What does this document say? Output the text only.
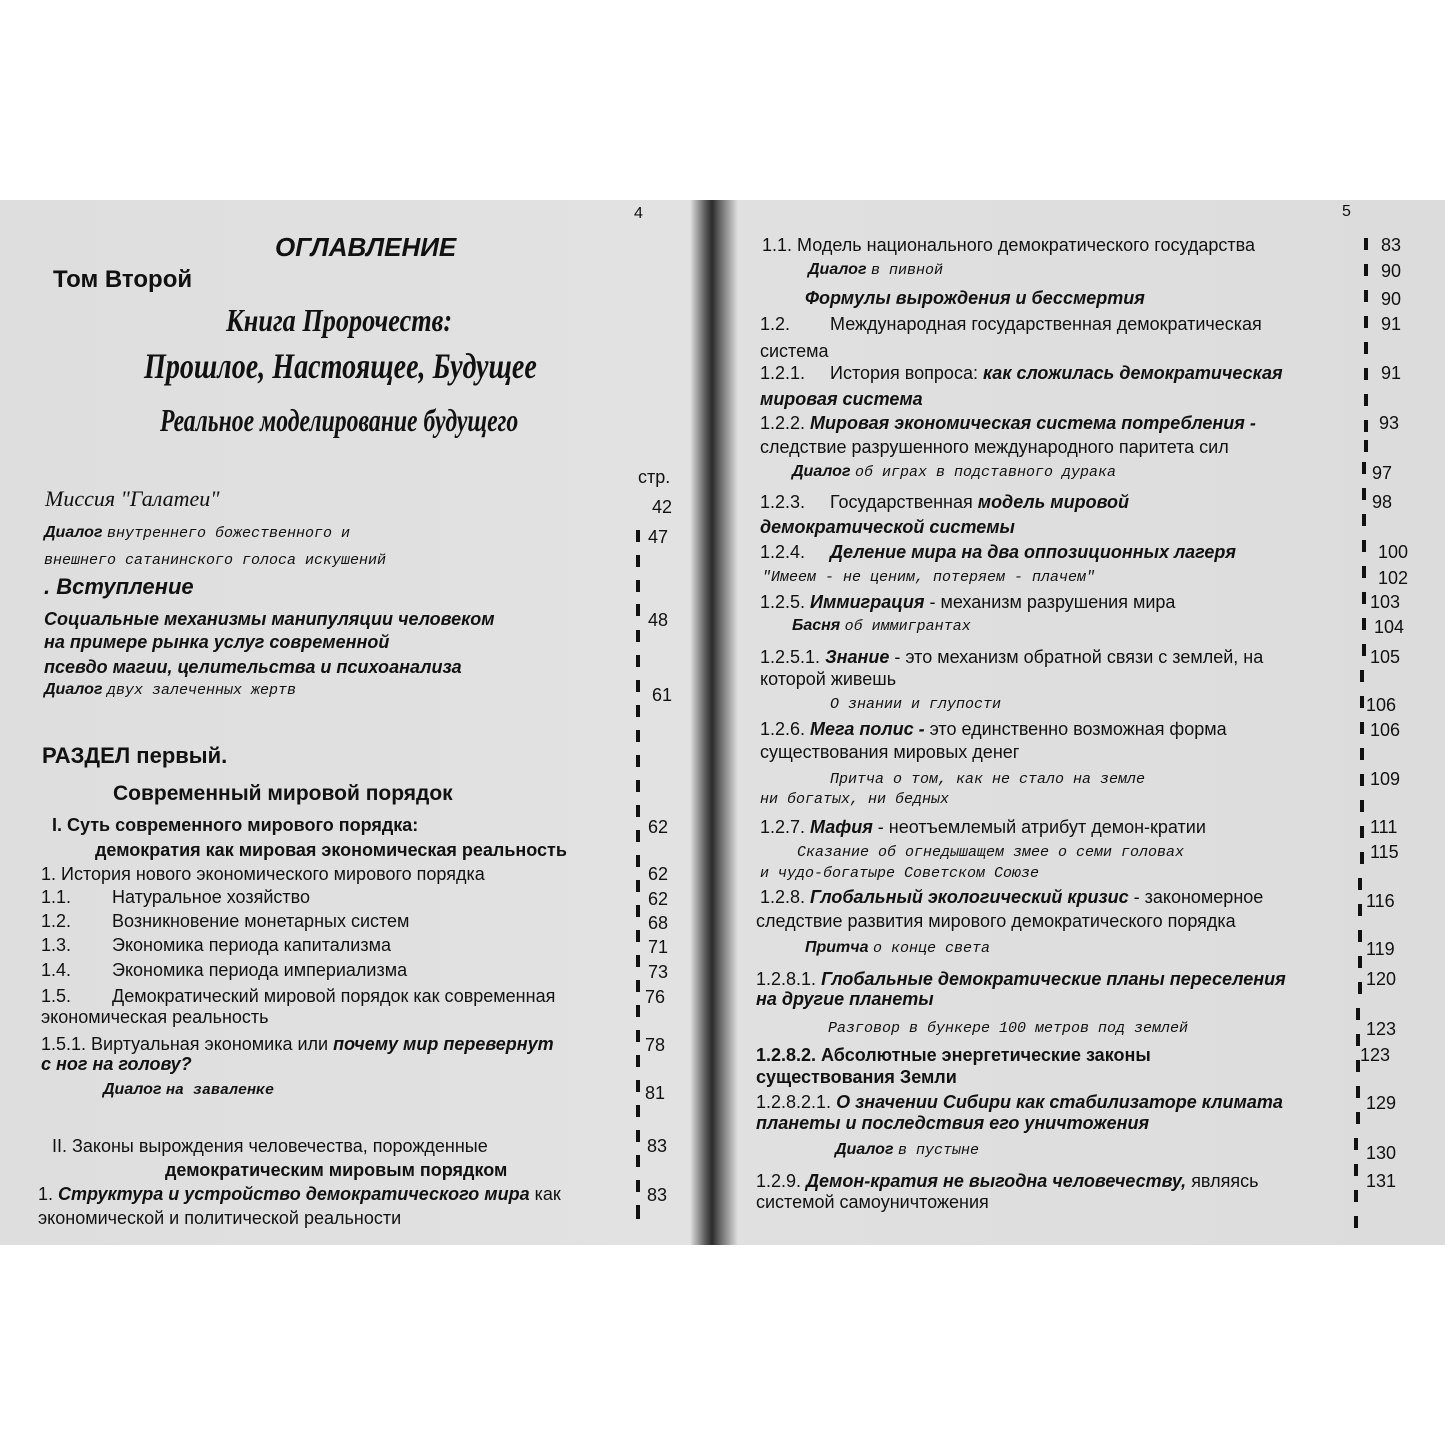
4
ОГЛАВЛЕНИЕ
Том Второй
Книга Пророчеств:
Прошлое, Настоящее, Будущее
Реальное моделирование будущего
стр.
Миссия "Галатеи"
Диалог внутреннего божественного и
внешнего сатанинского голоса искушений
. Вступление
Социальные механизмы манипуляции человеком
на примере рынка услуг современной
псевдо магии, целительства и психоанализа
Диалог двух залеченных жертв
РАЗДЕЛ первый.
Современный мировой порядок
I. Суть современного мирового порядка:
демократия как мировая экономическая реальность
1. История нового экономического мирового порядка
1.1. Натуральное хозяйство
1.2. Возникновение монетарных систем
1.3. Экономика периода капитализма
1.4. Экономика периода империализма
1.5. Демократический мировой порядок как современная
экономическая реальность
1.5.1. Виртуальная экономика или почему мир перевернут
с ног на голову?
Диалог на заваленке
II. Законы вырождения человечества, порожденные
демократическим мировым порядком
1. Структура и устройство демократического мира как
экономической и политической реальности
42
47
48
61
62
62
62
68
71
73
76
78
81
83
83
5
1.1. Модель национального демократического государства
Диалог в пивной
Формулы вырождения и бессмертия
1.2. Международная государственная демократическая
система
1.2.1. История вопроса: как сложилась демократическая
мировая система
1.2.2. Мировая экономическая система потребления -
следствие разрушенного международного паритета сил
Диалог об играх в подставного дурака
1.2.3. Государственная модель мировой
демократической системы
1.2.4. Деление мира на два оппозиционных лагеря
"Имеем - не ценим, потеряем - плачем"
1.2.5. Иммиграция - механизм разрушения мира
Басня об иммигрантах
1.2.5.1. Знание - это механизм обратной связи с землей, на
которой живешь
О знании и глупости
1.2.6. Мега полис - это единственно возможная форма
существования мировых денег
Притча о том, как не стало на земле
ни богатых, ни бедных
1.2.7. Мафия - неотъемлемый атрибут демон-кратии
Сказание об огнедышащем змее о семи головах
и чудо-богатыре Советском Союзе
1.2.8. Глобальный экологический кризис - закономерное
следствие развития мирового демократического порядка
Притча о конце света
1.2.8.1. Глобальные демократические планы переселения
на другие планеты
Разговор в бункере 100 метров под землей
1.2.8.2. Абсолютные энергетические законы
существования Земли
1.2.8.2.1. О значении Сибири как стабилизаторе климата
планеты и последствия его уничтожения
Диалог в пустыне
1.2.9. Демон-кратия не выгодна человечеству, являясь
системой самоуничтожения
83
90
90
91
91
93
97
98
100
102
103
104
105
106
106
109
111
115
116
119
120
123
123
129
130
131
